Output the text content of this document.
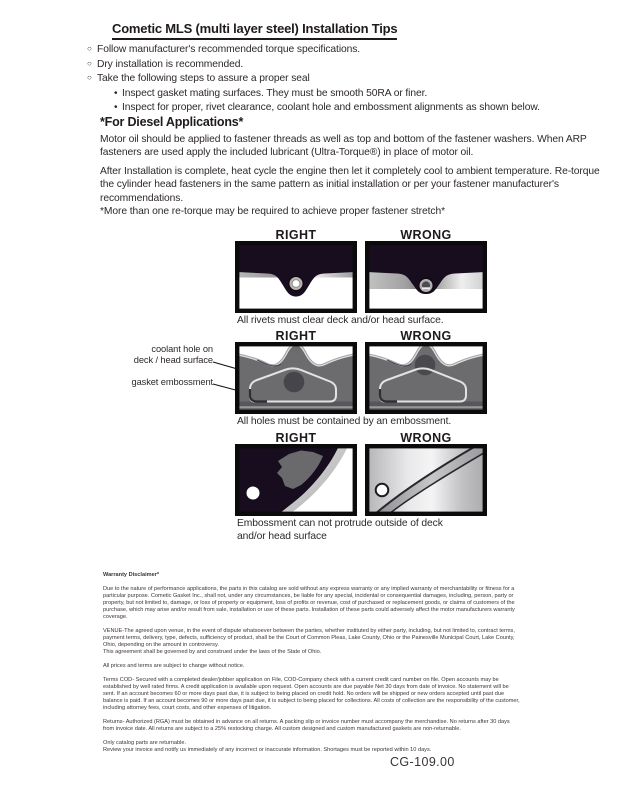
Cometic MLS (multi layer steel) Installation Tips
○ Follow manufacturer's recommended torque specifications.
○ Dry installation is recommended.
○ Take the following steps to assure a proper seal
• Inspect gasket mating surfaces. They must be smooth 50RA or finer.
• Inspect for proper, rivet clearance, coolant hole and embossment alignments as shown below.
*For Diesel Applications*
Motor oil should be applied to fastener threads as well as top and bottom of the fastener washers. When ARP fasteners are used apply the included lubricant (Ultra-Torque®) in place of motor oil.
After Installation is complete, heat cycle the engine then let it completely cool to ambient temperature. Re-torque the cylinder head fasteners in the same pattern as initial installation or per your fastener manufacturer's recommendations.
*More than one re-torque may be required to achieve proper fastener stretch*
RIGHT	WRONG
All rivets must clear deck and/or head surface.
RIGHT	WRONG
coolant hole on
deck / head surface
gasket embossment
All holes must be contained by an embossment.
RIGHT	WRONG
Embossment can not protrude outside of deck
and/or head surface

Warranty Disclaimer*

Due to the nature of performance applications, the parts in this catalog are sold without any express warranty or any implied warranty of merchantability or fitness for a particular purpose. Cometic Gasket Inc., shall not, under any circumstances, be liable for any special, incidental or consequential damages, including, person, party or property, but not limited to, damage, or loss of property or equipment, loss of profits or revenue, cost of purchased or replacement goods, or claims of customers of the purchase, which may arise and/or result from sale, installation or use of these parts. Installation of these parts could adversely affect the motor manufacturers warranty coverage.

VENUE-The agreed upon venue, in the event of dispute whatsoever between the parties, whether instituted by either party, including, but not limited to, contract terms, payment terms, delivery, type, defects, sufficiency of product, shall be the Court of Common Pleas, Lake County, Ohio or the Painesville Municipal Court, Lake County, Ohio, depending on the amount in controversy.

This agreement shall be governed by and construed under the laws of the State of Ohio.

All prices and terms are subject to change without notice.

Terms COD- Secured with a completed dealer/jobber application on File, COD-Company check with a current credit card number on file. Open accounts may be established by well rated firms. A credit application is available upon request. Open accounts are due payable Net 30 days from date of invoice. No statement will be sent. If an account becomes 60 or more days past due, it is subject to being placed on credit hold. No orders will be shipped or new orders accepted until past due balance is paid. If an account becomes 90 or more days past due, it is subject to being placed for collections. All costs of collection are the responsibility of the customer, including attorney fees, court costs, and other expenses of litigation.

Returns- Authorized (RGA) must be obtained in advance on all returns. A packing slip or invoice number must accompany the merchandise. No returns after 30 days from invoice date. All returns are subject to a 25% restocking charge. All custom designed and custom manufactured gaskets are non-returnable.

Only catalog parts are returnable.

Review your invoice and notify us immediately of any incorrect or inaccurate information. Shortages must be reported within 10 days.

CG-109.00
